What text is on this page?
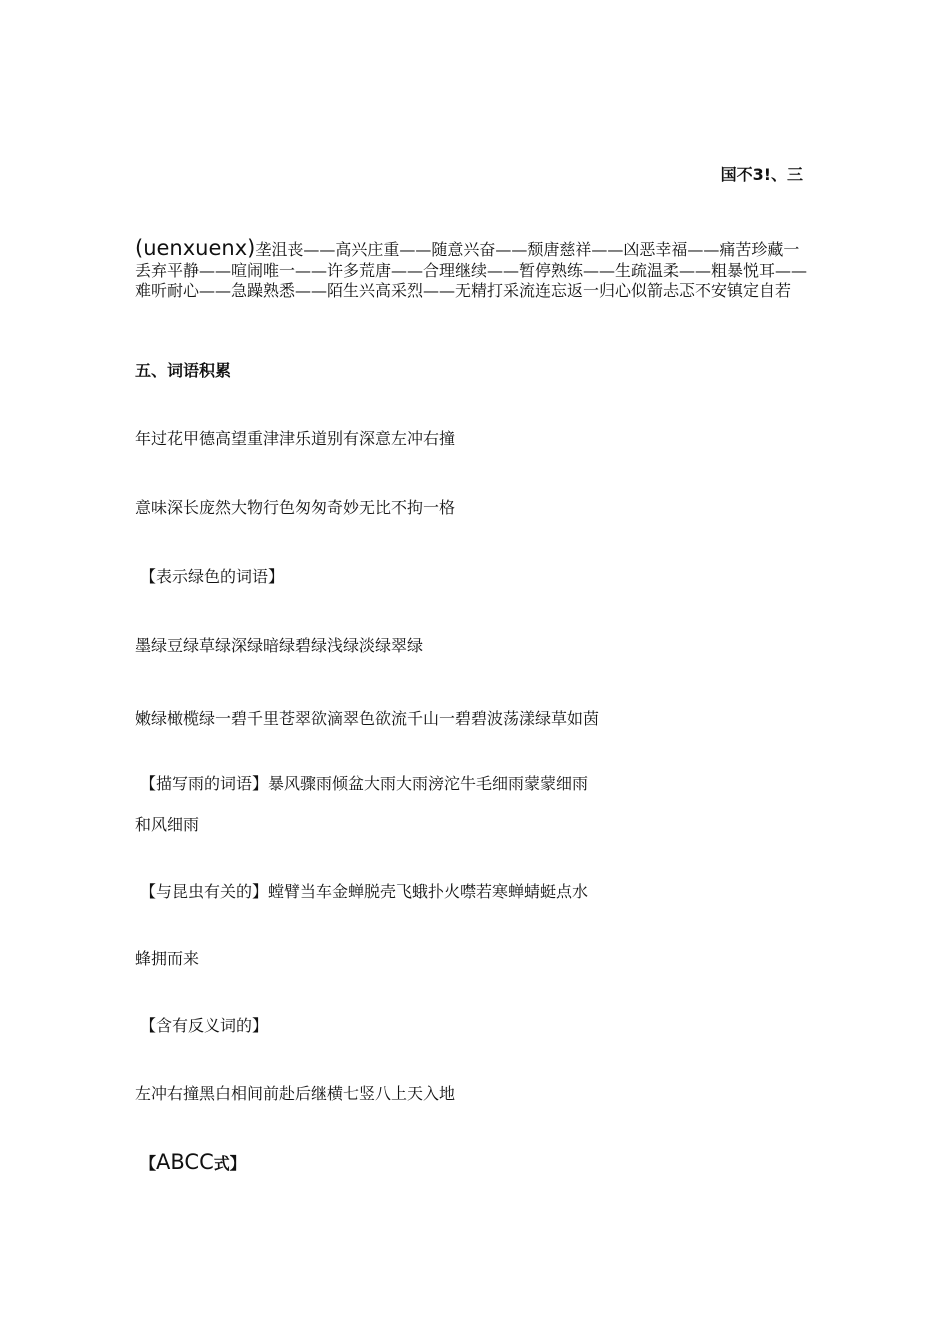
国不3!、三
(uenxuenx)垄沮丧——高兴庄重——随意兴奋——颓唐慈祥——凶恶幸福——痛苦珍藏一丢弃平静——喧闹唯一——许多荒唐——合理继续——暂停熟练——生疏温柔——粗暴悦耳——难听耐心——急躁熟悉——陌生兴高采烈——无精打采流连忘返一归心似箭忐忑不安镇定自若
五、词语积累
年过花甲德高望重津津乐道别有深意左冲右撞
意味深长庞然大物行色匆匆奇妙无比不拘一格
【表示绿色的词语】
墨绿豆绿草绿深绿暗绿碧绿浅绿淡绿翠绿
嫩绿橄榄绿一碧千里苍翠欲滴翠色欲流千山一碧碧波荡漾绿草如茵
【描写雨的词语】暴风骤雨倾盆大雨大雨滂沱牛毛细雨蒙蒙细雨
和风细雨
【与昆虫有关的】螳臂当车金蝉脱壳飞蛾扑火噤若寒蝉蜻蜓点水
蜂拥而来
【含有反义词的】
左冲右撞黑白相间前赴后继横七竖八上天入地
【ABCC式】
